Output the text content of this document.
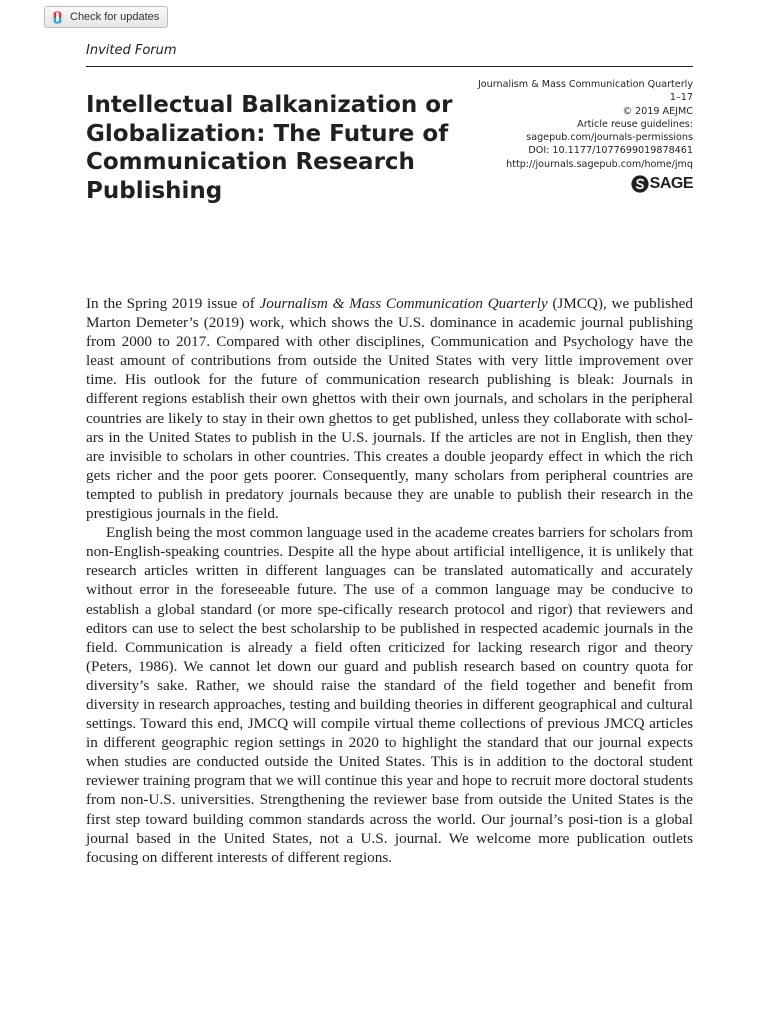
Check for updates
Invited Forum
Intellectual Balkanization or Globalization: The Future of Communication Research Publishing
Journalism & Mass Communication Quarterly
1–17
© 2019 AEJMC
Article reuse guidelines:
sagepub.com/journals-permissions
DOI: 10.1177/1077699019878461
http://journals.sagepub.com/home/jmq
SAGE

In the Spring 2019 issue of Journalism & Mass Communication Quarterly (JMCQ), we published Marton Demeter’s (2019) work, which shows the U.S. dominance in academic journal publishing from 2000 to 2017. Compared with other disciplines, Communication and Psychology have the least amount of contributions from outside the United States with very little improvement over time. His outlook for the future of communication research publishing is bleak: Journals in different regions establish their own ghettos with their own journals, and scholars in the peripheral countries are likely to stay in their own ghettos to get published, unless they collaborate with schol-ars in the United States to publish in the U.S. journals. If the articles are not in English, then they are invisible to scholars in other countries. This creates a double jeopardy effect in which the rich gets richer and the poor gets poorer. Consequently, many scholars from peripheral countries are tempted to publish in predatory journals because they are unable to publish their research in the prestigious journals in the field.

English being the most common language used in the academe creates barriers for scholars from non-English-speaking countries. Despite all the hype about artificial intelligence, it is unlikely that research articles written in different languages can be translated automatically and accurately without error in the foreseeable future. The use of a common language may be conducive to establish a global standard (or more spe-cifically research protocol and rigor) that reviewers and editors can use to select the best scholarship to be published in respected academic journals in the field. Communication is already a field often criticized for lacking research rigor and theory (Peters, 1986). We cannot let down our guard and publish research based on country quota for diversity’s sake. Rather, we should raise the standard of the field together and benefit from diversity in research approaches, testing and building theories in different geographical and cultural settings. Toward this end, JMCQ will compile virtual theme collections of previous JMCQ articles in different geographic region settings in 2020 to highlight the standard that our journal expects when studies are conducted outside the United States. This is in addition to the doctoral student reviewer training program that we will continue this year and hope to recruit more doctoral students from non-U.S. universities. Strengthening the reviewer base from outside the United States is the first step toward building common standards across the world. Our journal’s posi-tion is a global journal based in the United States, not a U.S. journal. We welcome more publication outlets focusing on different interests of different regions.
